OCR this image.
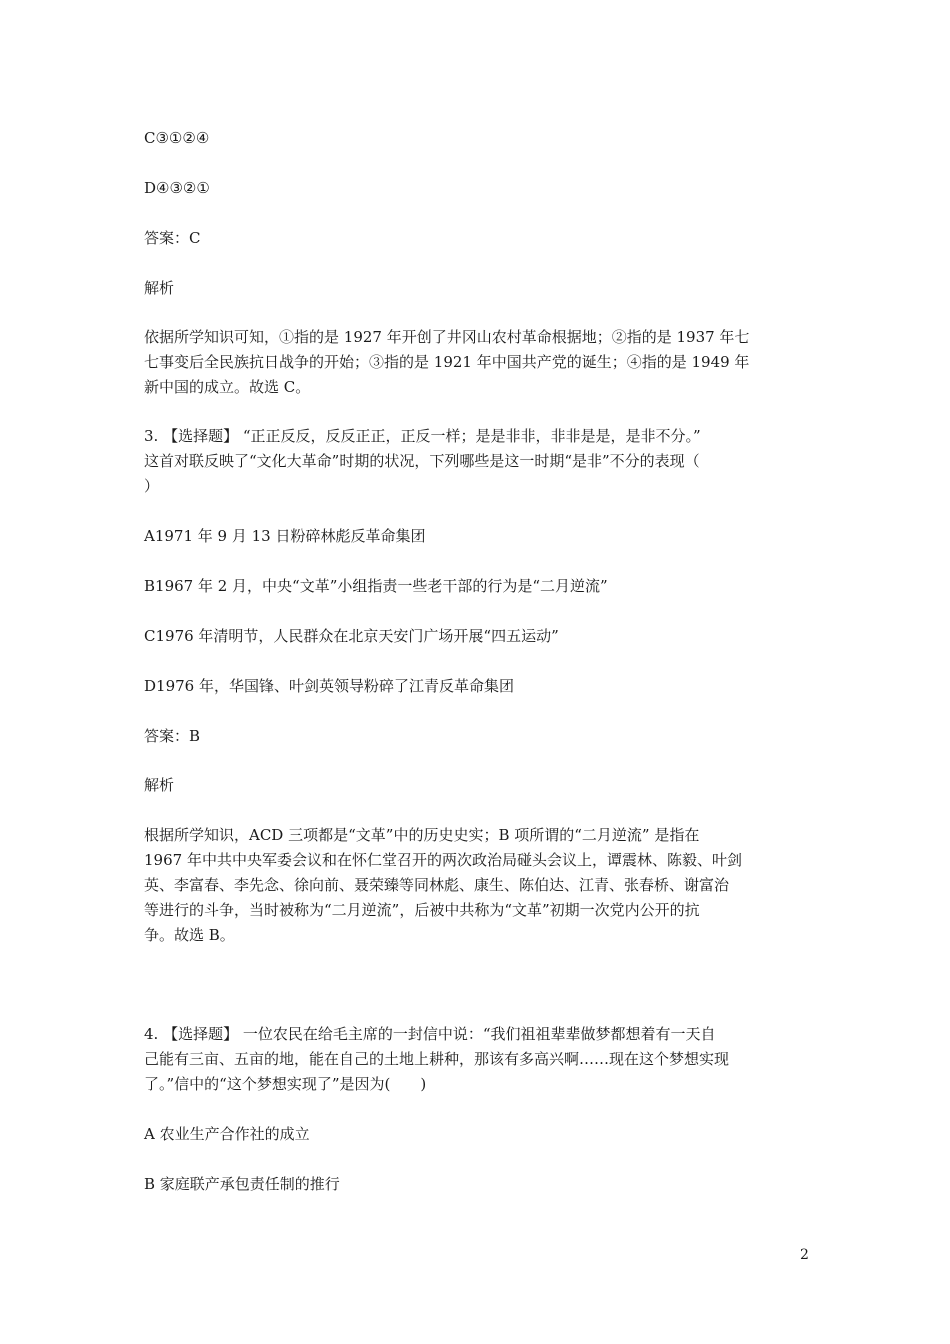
C③①②④
D④③②①
答案：C
解析
依据所学知识可知，①指的是 1927 年开创了井冈山农村革命根据地；②指的是 1937 年七
七事变后全民族抗日战争的开始；③指的是 1921 年中国共产党的诞生；④指的是 1949 年
新中国的成立。故选 C。
3. 【选择题】 “正正反反，反反正正，正反一样；是是非非，非非是是，是非不分。”
这首对联反映了“文化大革命”时期的状况，下列哪些是这一时期“是非”不分的表现（
）
A1971 年 9 月 13 日粉碎林彪反革命集团
B1967 年 2 月，中央“文革”小组指责一些老干部的行为是“二月逆流”
C1976 年清明节，人民群众在北京天安门广场开展“四五运动”
D1976 年，华国锋、叶剑英领导粉碎了江青反革命集团
答案：B
解析
根据所学知识，ACD 三项都是“文革”中的历史史实；B 项所谓的“二月逆流” 是指在
1967 年中共中央军委会议和在怀仁堂召开的两次政治局碰头会议上，谭震林、陈毅、叶剑
英、李富春、李先念、徐向前、聂荣臻等同林彪、康生、陈伯达、江青、张春桥、谢富治
等进行的斗争，当时被称为“二月逆流”，后被中共称为“文革”初期一次党内公开的抗
争。故选 B。
4. 【选择题】 一位农民在给毛主席的一封信中说：“我们祖祖辈辈做梦都想着有一天自
己能有三亩、五亩的地，能在自己的土地上耕种，那该有多高兴啊……现在这个梦想实现
了。”信中的“这个梦想实现了”是因为(　　)
A 农业生产合作社的成立
B 家庭联产承包责任制的推行
2
